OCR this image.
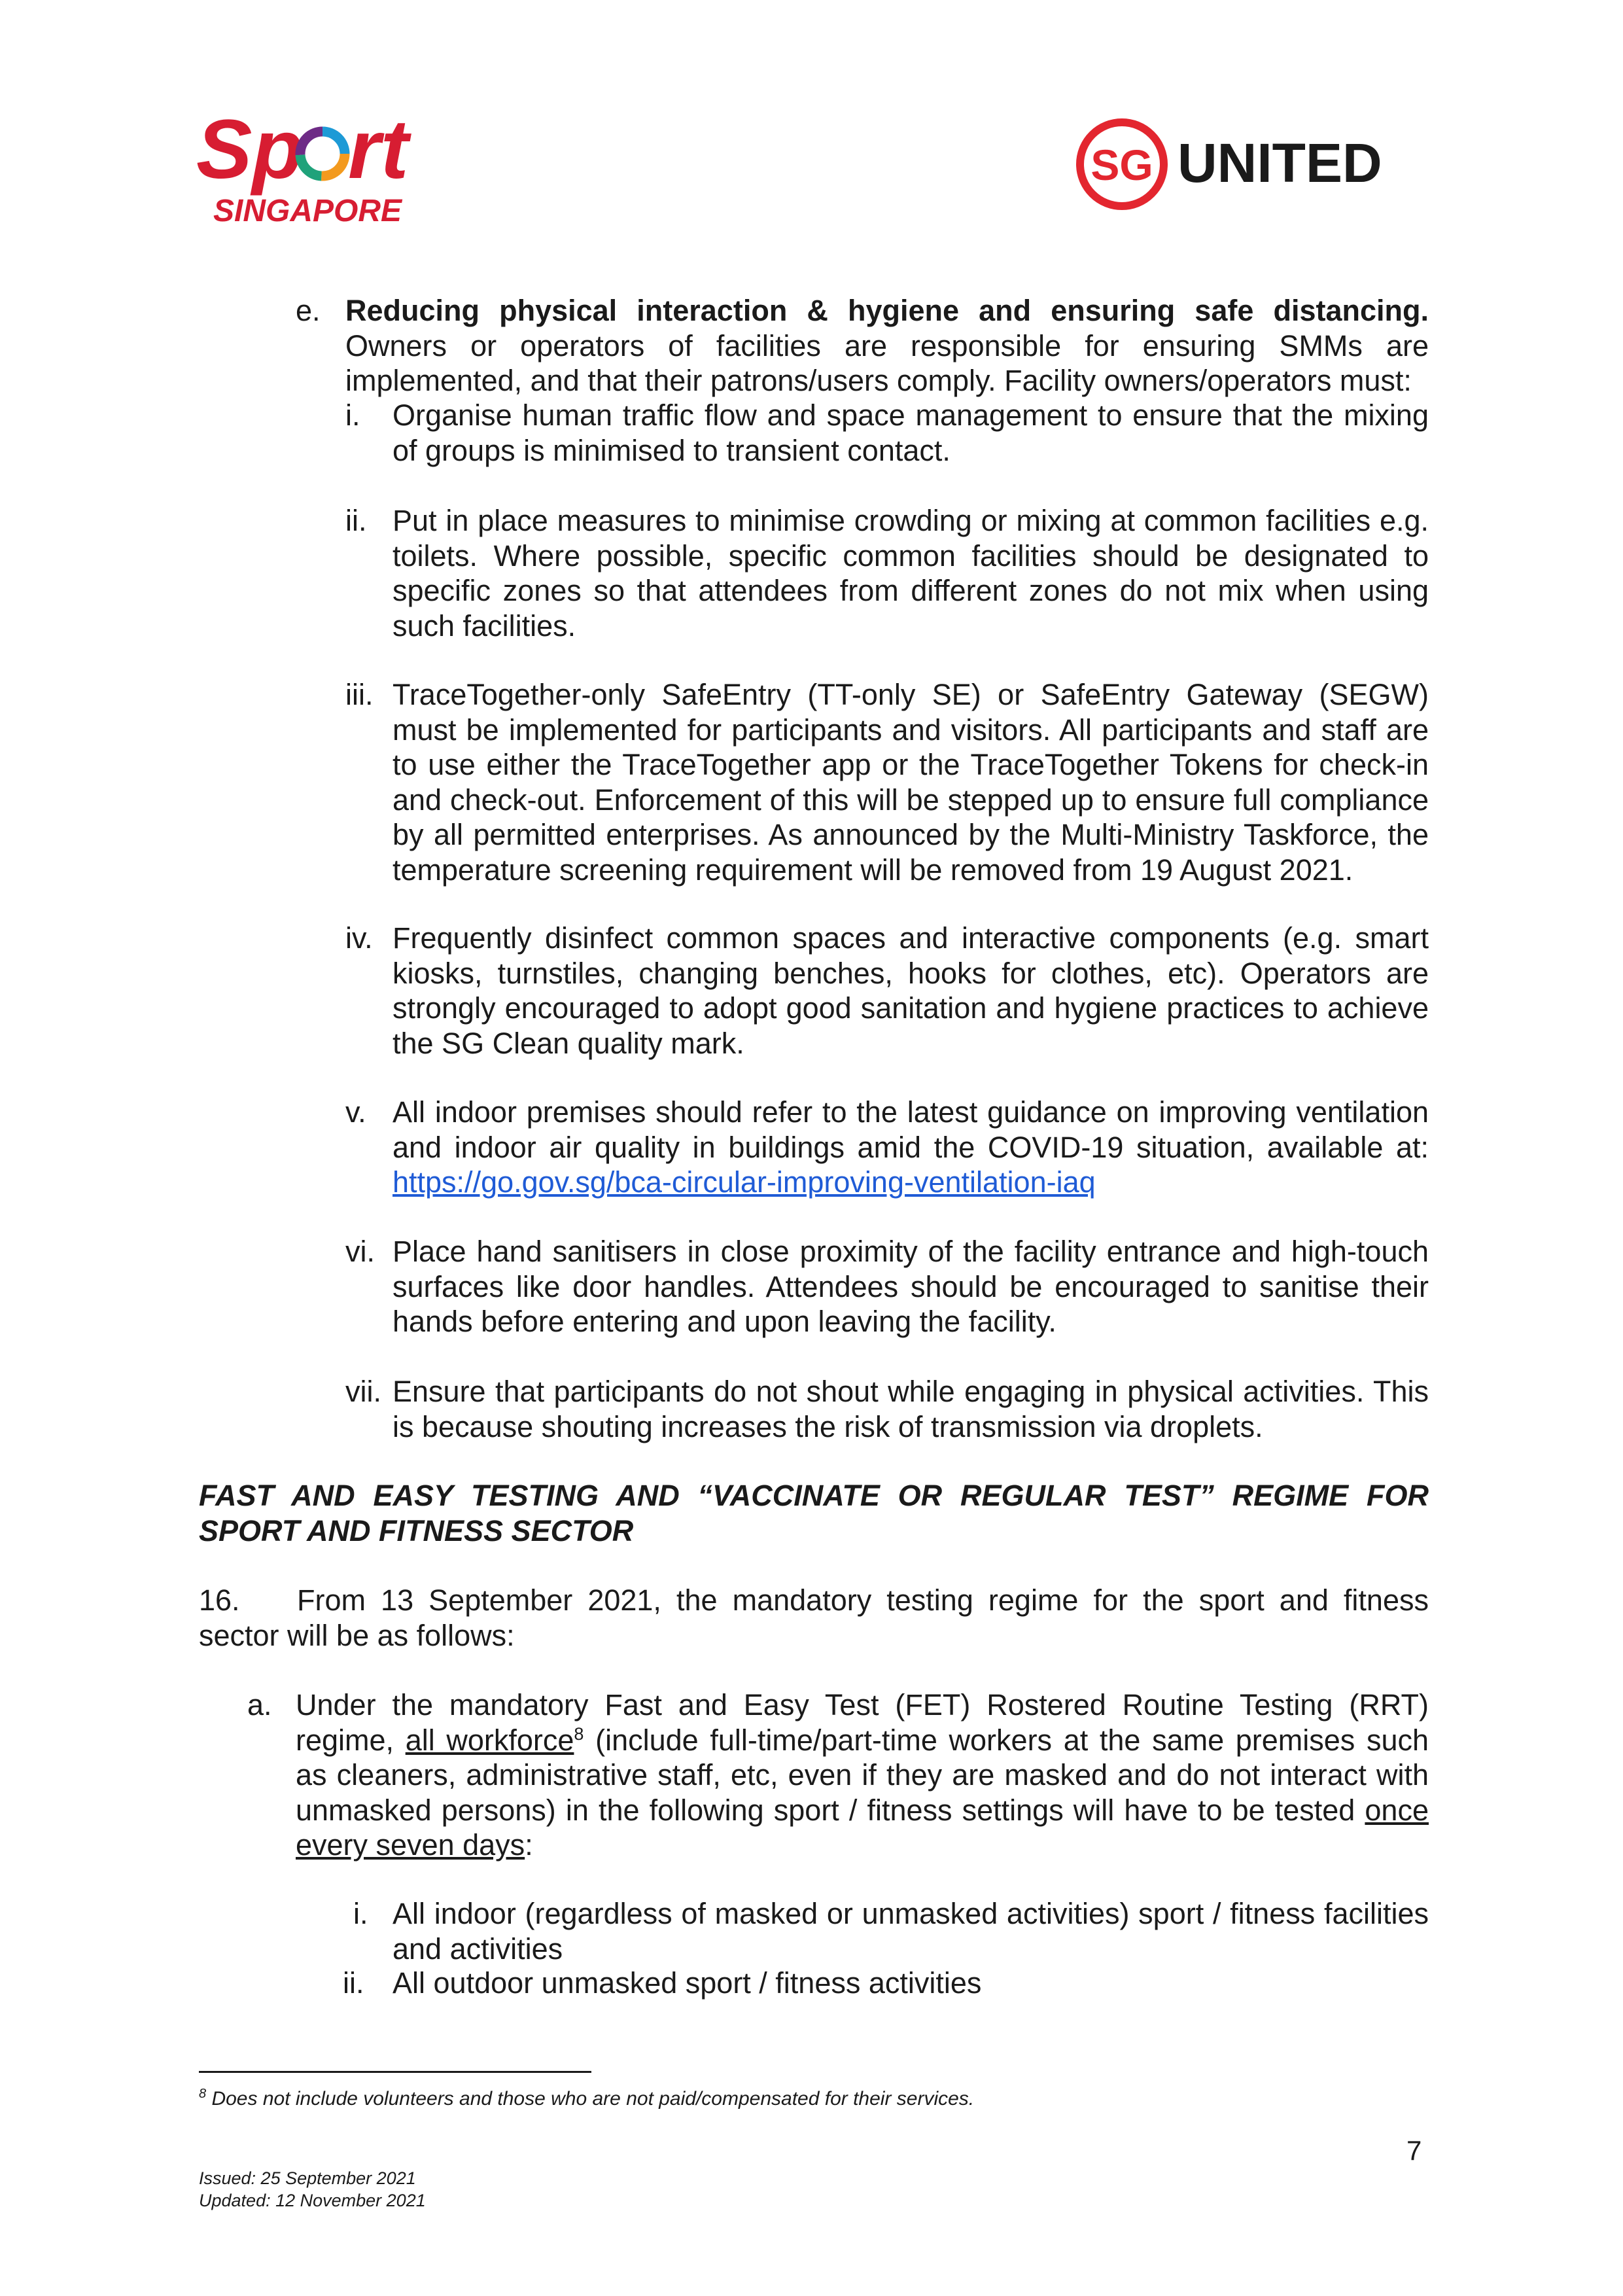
Sp rt
SINGAPORE
SG UNITED
e. Reducing physical interaction & hygiene and ensuring safe distancing. Owners or operators of facilities are responsible for ensuring SMMs are implemented, and that their patrons/users comply. Facility owners/operators must:
i. Organise human traffic flow and space management to ensure that the mixing of groups is minimised to transient contact.
ii. Put in place measures to minimise crowding or mixing at common facilities e.g. toilets. Where possible, specific common facilities should be designated to specific zones so that attendees from different zones do not mix when using such facilities.
iii. TraceTogether-only SafeEntry (TT-only SE) or SafeEntry Gateway (SEGW) must be implemented for participants and visitors. All participants and staff are to use either the TraceTogether app or the TraceTogether Tokens for check-in and check-out. Enforcement of this will be stepped up to ensure full compliance by all permitted enterprises. As announced by the Multi-Ministry Taskforce, the temperature screening requirement will be removed from 19 August 2021.
iv. Frequently disinfect common spaces and interactive components (e.g. smart kiosks, turnstiles, changing benches, hooks for clothes, etc). Operators are strongly encouraged to adopt good sanitation and hygiene practices to achieve the SG Clean quality mark.
v. All indoor premises should refer to the latest guidance on improving ventilation and indoor air quality in buildings amid the COVID-19 situation, available at: https://go.gov.sg/bca-circular-improving-ventilation-iaq
vi. Place hand sanitisers in close proximity of the facility entrance and high-touch surfaces like door handles. Attendees should be encouraged to sanitise their hands before entering and upon leaving the facility.
vii. Ensure that participants do not shout while engaging in physical activities. This is because shouting increases the risk of transmission via droplets.
FAST AND EASY TESTING AND “VACCINATE OR REGULAR TEST” REGIME FOR SPORT AND FITNESS SECTOR
16. From 13 September 2021, the mandatory testing regime for the sport and fitness sector will be as follows:
a. Under the mandatory Fast and Easy Test (FET) Rostered Routine Testing (RRT) regime, all workforce$^8$ (include full-time/part-time workers at the same premises such as cleaners, administrative staff, etc, even if they are masked and do not interact with unmasked persons) in the following sport / fitness settings will have to be tested once every seven days:
i. All indoor (regardless of masked or unmasked activities) sport / fitness facilities and activities
ii. All outdoor unmasked sport / fitness activities
$^8$ Does not include volunteers and those who are not paid/compensated for their services.
7
Issued: 25 September 2021
Updated: 12 November 2021
